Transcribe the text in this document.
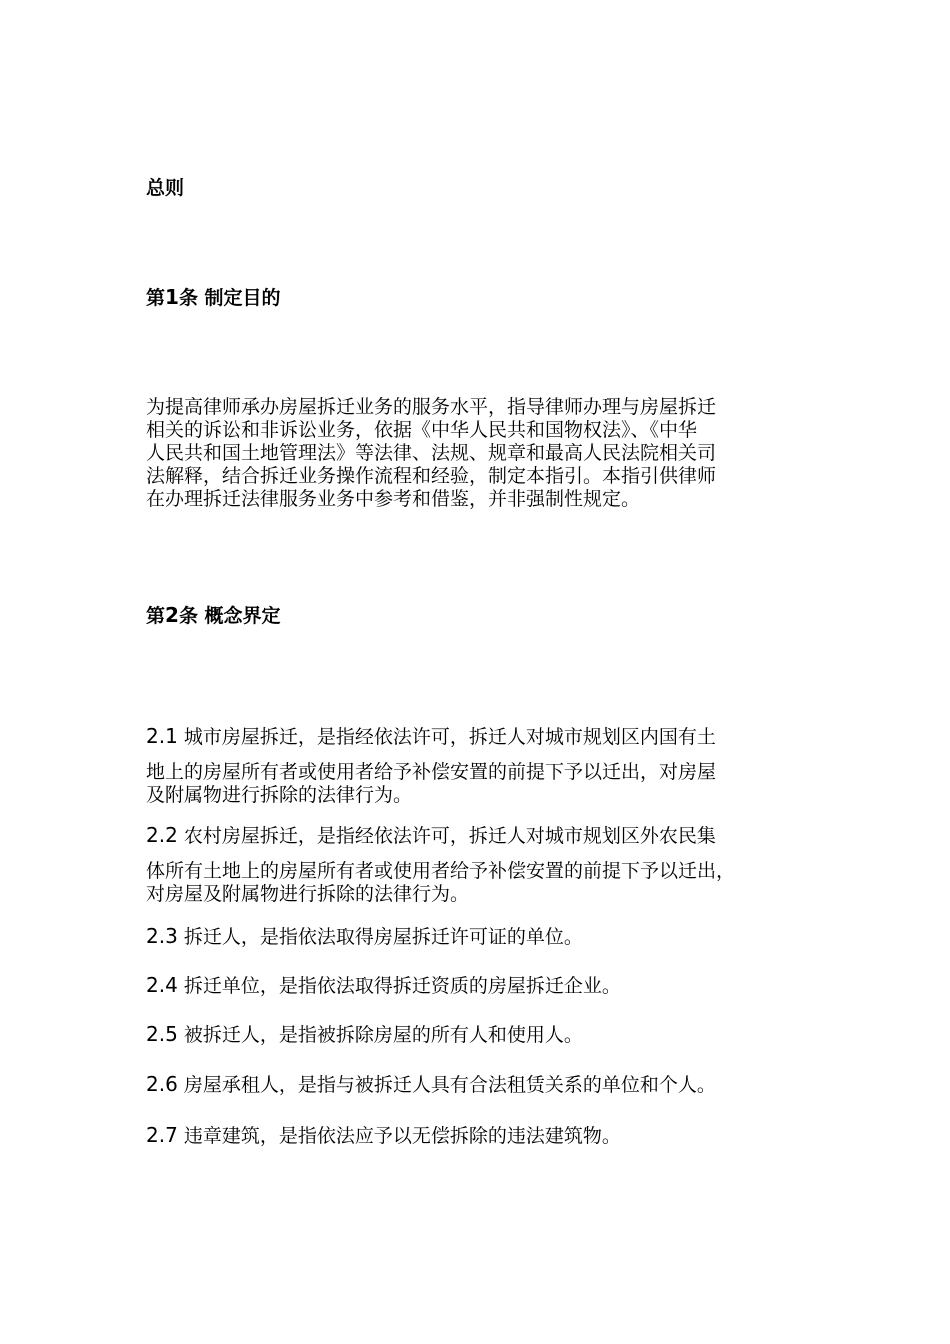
总则
第1条 制定目的
为提高律师承办房屋拆迁业务的服务水平，指导律师办理与房屋拆迁
相关的诉讼和非诉讼业务，依据《中华人民共和国物权法》、《中华
人民共和国土地管理法》等法律、法规、规章和最高人民法院相关司
法解释，结合拆迁业务操作流程和经验，制定本指引。本指引供律师
在办理拆迁法律服务业务中参考和借鉴，并非强制性规定。
第2条 概念界定
2.1 城市房屋拆迁，是指经依法许可，拆迁人对城市规划区内国有土
地上的房屋所有者或使用者给予补偿安置的前提下予以迁出，对房屋
及附属物进行拆除的法律行为。
2.2 农村房屋拆迁，是指经依法许可，拆迁人对城市规划区外农民集
体所有土地上的房屋所有者或使用者给予补偿安置的前提下予以迁出，
对房屋及附属物进行拆除的法律行为。
2.3 拆迁人，是指依法取得房屋拆迁许可证的单位。
2.4 拆迁单位，是指依法取得拆迁资质的房屋拆迁企业。
2.5 被拆迁人，是指被拆除房屋的所有人和使用人。
2.6 房屋承租人，是指与被拆迁人具有合法租赁关系的单位和个人。
2.7 违章建筑，是指依法应予以无偿拆除的违法建筑物。
